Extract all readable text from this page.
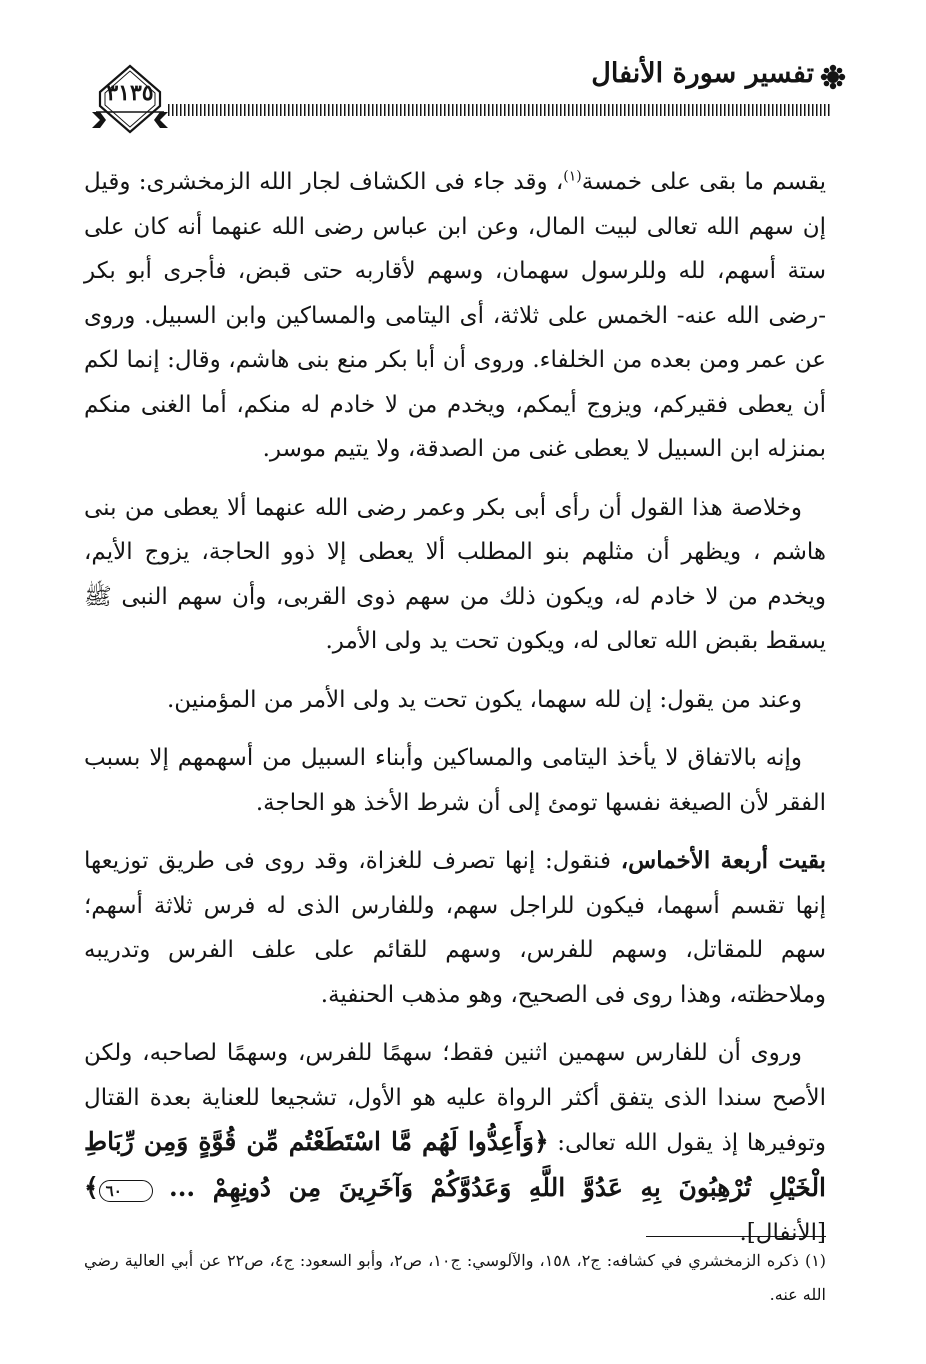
تفسير سورة الأنفال
٣١٣٥

يقسم ما بقى على خمسة$^{(١)}$، وقد جاء فى الكشاف لجار الله الزمخشرى: وقيل إن سهم الله تعالى لبيت المال، وعن ابن عباس رضى الله عنهما أنه كان على ستة أسهم، لله وللرسول سهمان، وسهم لأقاربه حتى قبض، فأجرى أبو بكر -رضى الله عنه- الخمس على ثلاثة، أى اليتامى والمساكين وابن السبيل. وروى عن عمر ومن بعده من الخلفاء. وروى أن أبا بكر منع بنى هاشم، وقال: إنما لكم أن يعطى فقيركم، ويزوج أيمكم، ويخدم من لا خادم له منكم، أما الغنى منكم بمنزله ابن السبيل لا يعطى غنى من الصدقة، ولا يتيم موسر.

وخلاصة هذا القول أن رأى أبى بكر وعمر رضى الله عنهما ألا يعطى من بنى هاشم ، ويظهر أن مثلهم بنو المطلب ألا يعطى إلا ذوو الحاجة، يزوج الأيم، ويخدم من لا خادم له، ويكون ذلك من سهم ذوى القربى، وأن سهم النبى ﷺ يسقط بقبض الله تعالى له، ويكون تحت يد ولى الأمر.

وعند من يقول: إن لله سهما، يكون تحت يد ولى الأمر من المؤمنين.

وإنه بالاتفاق لا يأخذ اليتامى والمساكين وأبناء السبيل من أسهمهم إلا بسبب الفقر لأن الصيغة نفسها تومئ إلى أن شرط الأخذ هو الحاجة.

بقيت أربعة الأخماس، فنقول: إنها تصرف للغزاة، وقد روى فى طريق توزيعها إنها تقسم أسهما، فيكون للراجل سهم، وللفارس الذى له فرس ثلاثة أسهم؛ سهم للمقاتل، وسهم للفرس، وسهم للقائم على علف الفرس وتدريبه وملاحظته، وهذا روى فى الصحيح، وهو مذهب الحنفية.

وروى أن للفارس سهمين اثنين فقط؛ سهمًا للفرس، وسهمًا لصاحبه، ولكن الأصح سندا الذى يتفق أكثر الرواة عليه هو الأول، تشجيعا للعناية بعدة القتال وتوفيرها إذ يقول الله تعالى: ﴿وَأَعِدُّوا لَهُم مَّا اسْتَطَعْتُم مِّن قُوَّةٍ وَمِن رِّبَاطِ الْخَيْلِ تُرْهِبُونَ بِهِ عَدُوَّ اللَّهِ وَعَدُوَّكُمْ وَآخَرِينَ مِن دُونِهِمْ ... ٦٠﴾ [الأنفال].

(١) ذكره الزمخشري في كشافه: ج٢، ١٥٨، والآلوسي: ج١٠، ص٢، وأبو السعود: ج٤، ص٢٢ عن أبي العالية رضي الله عنه.
